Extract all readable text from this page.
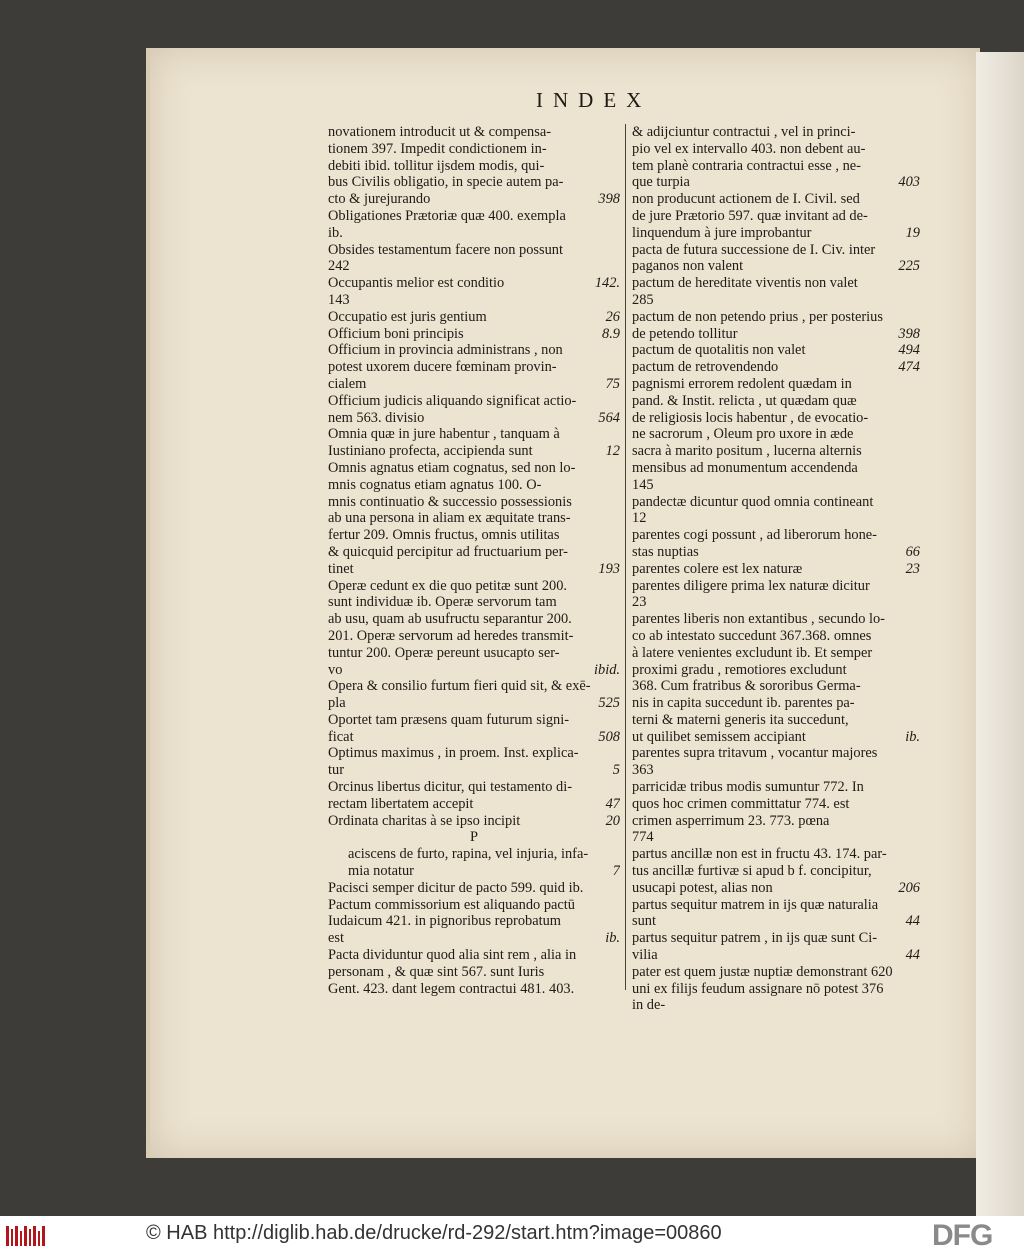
INDEX
novationem introducit ut & compensa-
tionem 397. Impedit condictionem in-
debiti ibid. tollitur ijsdem modis, qui-
bus Civilis obligatio, in specie autem pa-
cto & jurejurando	398
Obligationes Prætoriæ quæ 400. exempla
ib.
Obsides testamentum facere non possunt
242
Occupantis melior est conditio	142.
143
Occupatio est juris gentium	26
Officium boni principis	8.9
Officium in provincia administrans , non
potest uxorem ducere fœminam provin-
cialem	75
Officium judicis aliquando significat actio-
nem 563. divisio	564
Omnia quæ in jure habentur , tanquam à
Iustiniano profecta, accipienda sunt	12
Omnis agnatus etiam cognatus, sed non lo-
mnis cognatus etiam agnatus 100. O-
mnis continuatio & successio possessionis
ab una persona in aliam ex æquitate trans-
fertur 209. Omnis fructus, omnis utilitas
& quicquid percipitur ad fructuarium per-
tinet	193
Operæ cedunt ex die quo petitæ sunt 200.
sunt individuæ ib. Operæ servorum tam
ab usu, quam ab usufructu separantur 200.
201. Operæ servorum ad heredes transmit-
tuntur 200. Operæ pereunt usucapto ser-
vo	ibid.
Opera & consilio furtum fieri quid sit, & exē-
pla	525
Oportet tam præsens quam futurum signi-
ficat	508
Optimus maximus , in proem. Inst. explica-
tur	5
Orcinus libertus dicitur, qui testamento di-
rectam libertatem accepit	47
Ordinata charitas à se ipso incipit	20
P
aciscens de furto, rapina, vel injuria, infa-
mia notatur	7
Pacisci semper dicitur de pacto 599. quid ib.
Pactum commissorium est aliquando pactū
Iudaicum 421. in pignoribus reprobatum
est	ib.
Pacta dividuntur quod alia sint rem , alia in
personam , & quæ sint 567. sunt Iuris
Gent. 423. dant legem contractui 481. 403.
& adijciuntur contractui , vel in princi-
pio vel ex intervallo 403. non debent au-
tem planè contraria contractui esse , ne-
que turpia	403
non producunt actionem de I. Civil. sed
de jure Prætorio 597. quæ invitant ad de-
linquendum à jure improbantur	19
pacta de futura successione de I. Civ. inter
paganos non valent	225
pactum de hereditate viventis non valet
285
pactum de non petendo prius , per posterius
de petendo tollitur	398
pactum de quotalitis non valet	494
pactum de retrovendendo	474
pagnismi errorem redolent quædam in
pand. & Instit. relicta , ut quædam quæ
de religiosis locis habentur , de evocatio-
ne sacrorum , Oleum pro uxore in æde
sacra à marito positum , lucerna alternis
mensibus ad monumentum accendenda
145
pandectæ dicuntur quod omnia contineant
12
parentes cogi possunt , ad liberorum hone-
stas nuptias	66
parentes colere est lex naturæ	23
parentes diligere prima lex naturæ dicitur
23
parentes liberis non extantibus , secundo lo-
co ab intestato succedunt 367.368. omnes
à latere venientes excludunt ib. Et semper
proximi gradu , remotiores excludunt
368. Cum fratribus & sororibus Germa-
nis in capita succedunt ib. parentes pa-
terni & materni generis ita succedunt,
ut quilibet semissem accipiant	ib.
parentes supra tritavum , vocantur majores
363
parricidæ tribus modis sumuntur 772. In
quos hoc crimen committatur 774. est
crimen asperrimum 23. 773. pœna
774
partus ancillæ non est in fructu 43. 174. par-
tus ancillæ furtivæ si apud b f. concipitur,
usucapi potest, alias non	206
partus sequitur matrem in ijs quæ naturalia
sunt	44
partus sequitur patrem , in ijs quæ sunt Ci-
vilia	44
pater est quem justæ nuptiæ demonstrant 620
uni ex filijs feudum assignare nō potest 376
in de-
© HAB http://diglib.hab.de/drucke/rd-292/start.htm?image=00860	DFG
